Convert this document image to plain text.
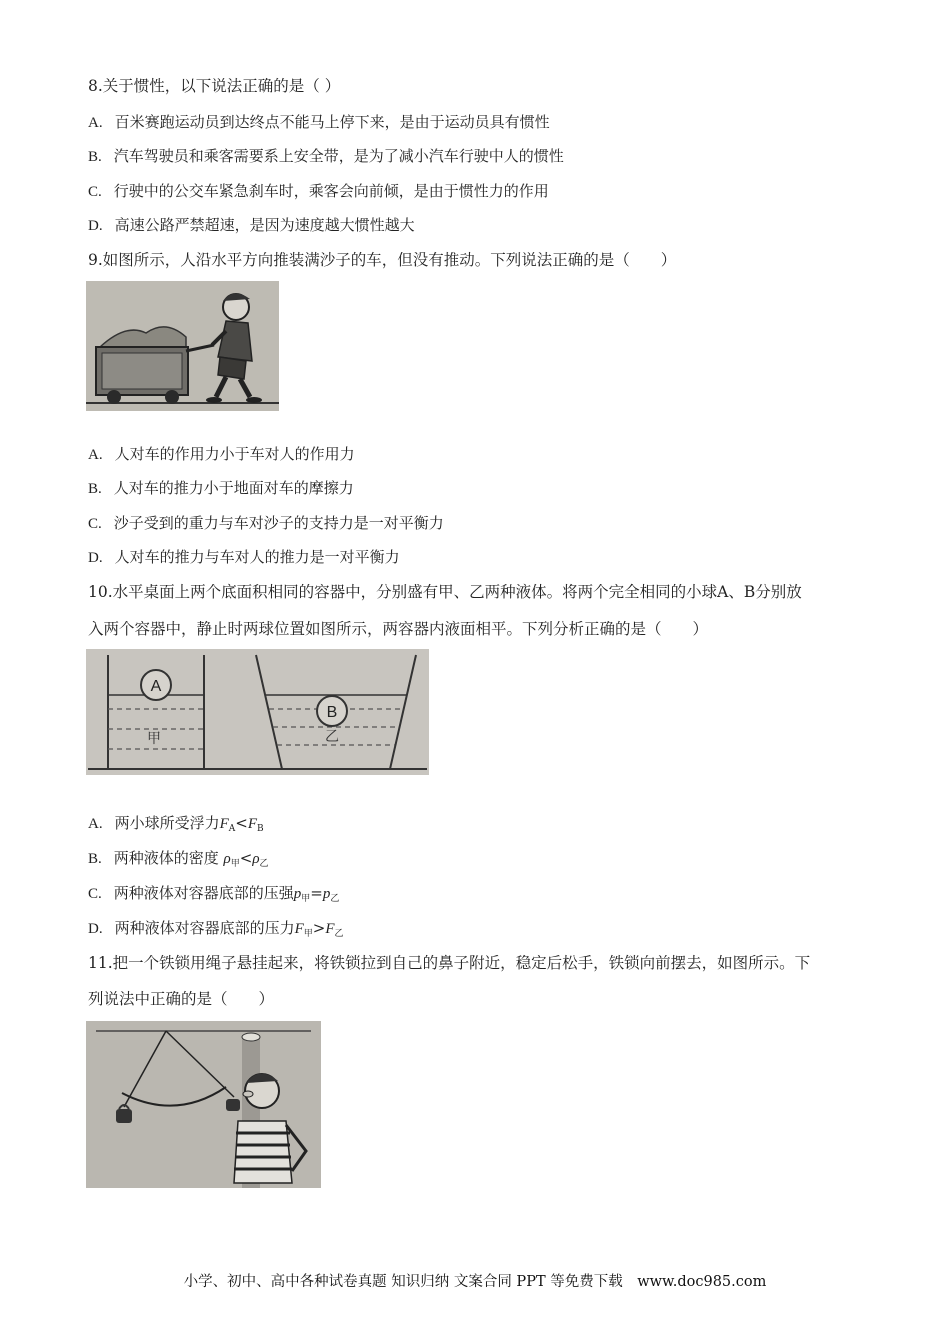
8.关于惯性，以下说法正确的是（ ）
A. 百米赛跑运动员到达终点不能马上停下来，是由于运动员具有惯性
B. 汽车驾驶员和乘客需要系上安全带，是为了减小汽车行驶中人的惯性
C. 行驶中的公交车紧急刹车时，乘客会向前倾，是由于惯性力的作用
D. 高速公路严禁超速，是因为速度越大惯性越大
9.如图所示，人沿水平方向推装满沙子的车，但没有推动。下列说法正确的是（　　）
A. 人对车的作用力小于车对人的作用力
B. 人对车的推力小于地面对车的摩擦力
C. 沙子受到的重力与车对沙子的支持力是一对平衡力
D. 人对车的推力与车对人的推力是一对平衡力
10.水平桌面上两个底面积相同的容器中，分别盛有甲、乙两种液体。将两个完全相同的小球A、B分别放
入两个容器中，静止时两球位置如图所示，两容器内液面相平。下列分析正确的是（　　）
A
甲
B
乙
A. 两小球所受浮力$F_A<F_B$
B. 两种液体的密度 $\rho_甲<\rho_乙$
C. 两种液体对容器底部的压强$p_甲=p_乙$
D. 两种液体对容器底部的压力$F_甲>F_乙$
11.把一个铁锁用绳子悬挂起来，将铁锁拉到自己的鼻子附近，稳定后松手，铁锁向前摆去，如图所示。下
列说法中正确的是（　　）
小学、初中、高中各种试卷真题 知识归纳 文案合同 PPT 等免费下载　www.doc985.com
